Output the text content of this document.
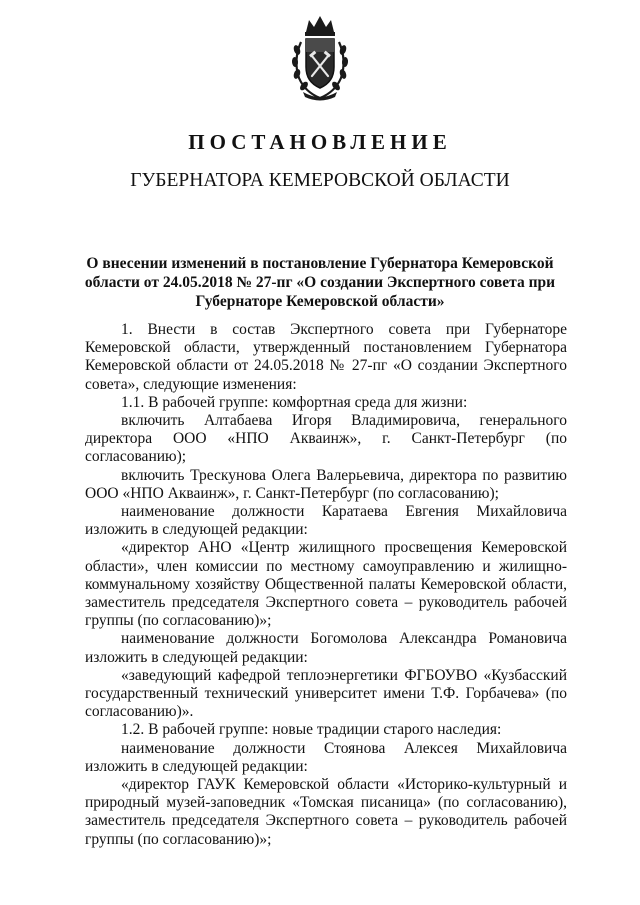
ПОСТАНОВЛЕНИЕ
ГУБЕРНАТОРА КЕМЕРОВСКОЙ ОБЛАСТИ
О внесении изменений в постановление Губернатора Кемеровской
области от 24.05.2018 № 27-пг «О создании Экспертного совета при
Губернаторе Кемеровской области»

1. Внести в состав Экспертного совета при Губернаторе Кемеровской области, утвержденный постановлением Губернатора Кемеровской области от 24.05.2018 № 27-пг «О создании Экспертного совета», следующие изменения:

1.1. В рабочей группе: комфортная среда для жизни:

включить Алтабаева Игоря Владимировича, генерального директора ООО «НПО Акваинж», г. Санкт-Петербург (по согласованию);

включить Трескунова Олега Валерьевича, директора по развитию ООО «НПО Акваинж», г. Санкт-Петербург (по согласованию);

наименование должности Каратаева Евгения Михайловича изложить в следующей редакции:

«директор АНО «Центр жилищного просвещения Кемеровской области», член комиссии по местному самоуправлению и жилищно-коммунальному хозяйству Общественной палаты Кемеровской области, заместитель председателя Экспертного совета – руководитель рабочей группы (по согласованию)»;

наименование должности Богомолова Александра Романовича изложить в следующей редакции:

«заведующий кафедрой теплоэнергетики ФГБОУВО «Кузбасский государственный технический университет имени Т.Ф. Горбачева» (по согласованию)».

1.2. В рабочей группе: новые традиции старого наследия:

наименование должности Стоянова Алексея Михайловича изложить в следующей редакции:

«директор ГАУК Кемеровской области «Историко-культурный и природный музей-заповедник «Томская писаница» (по согласованию), заместитель председателя Экспертного совета – руководитель рабочей группы (по согласованию)»;
